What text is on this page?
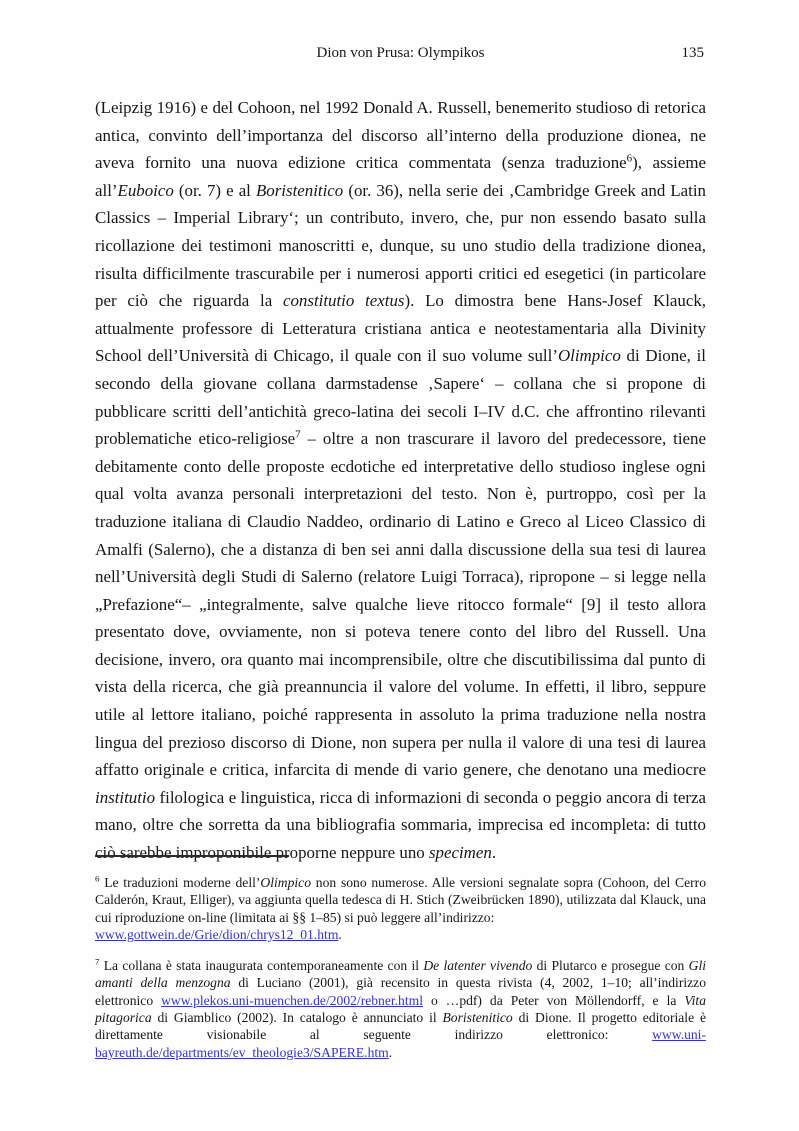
Dion von Prusa: Olympikos	135
(Leipzig 1916) e del Cohoon, nel 1992 Donald A. Russell, benemerito studioso di retorica antica, convinto dell’importanza del discorso all’interno della produzione dionea, ne aveva fornito una nuova edizione critica commentata (senza traduzione$^6$), assieme all’Euboico (or. 7) e al Boristenitico (or. 36), nella serie dei ‚Cambridge Greek and Latin Classics – Imperial Library‘; un contributo, invero, che, pur non essendo basato sulla ricollazione dei testimoni manoscritti e, dunque, su uno studio della tradizione dionea, risulta difficilmente trascurabile per i numerosi apporti critici ed esegetici (in particolare per ciò che riguarda la constitutio textus). Lo dimostra bene Hans-Josef Klauck, attualmente professore di Letteratura cristiana antica e neotestamentaria alla Divinity School dell’Università di Chicago, il quale con il suo volume sull’Olimpico di Dione, il secondo della giovane collana darmstadense ‚Sapere‘ – collana che si propone di pubblicare scritti dell’antichità greco-latina dei secoli I–IV d.C. che affrontino rilevanti problematiche etico-religiose$^7$ – oltre a non trascurare il lavoro del predecessore, tiene debitamente conto delle proposte ecdotiche ed interpretative dello studioso inglese ogni qual volta avanza personali interpretazioni del testo. Non è, purtroppo, così per la traduzione italiana di Claudio Naddeo, ordinario di Latino e Greco al Liceo Classico di Amalfi (Salerno), che a distanza di ben sei anni dalla discussione della sua tesi di laurea nell’Università degli Studi di Salerno (relatore Luigi Torraca), ripropone – si legge nella „Prefazione“– „integralmente, salve qualche lieve ritocco formale“ [9] il testo allora presentato dove, ovviamente, non si poteva tenere conto del libro del Russell. Una decisione, invero, ora quanto mai incomprensibile, oltre che discutibilissima dal punto di vista della ricerca, che già preannuncia il valore del volume. In effetti, il libro, seppure utile al lettore italiano, poiché rappresenta in assoluto la prima traduzione nella nostra lingua del prezioso discorso di Dione, non supera per nulla il valore di una tesi di laurea affatto originale e critica, infarcita di mende di vario genere, che denotano una mediocre institutio filologica e linguistica, ricca di informazioni di seconda o peggio ancora di terza mano, oltre che sorretta da una bibliografia sommaria, imprecisa ed incompleta: di tutto ciò sarebbe improponibile proporne neppure uno specimen.
$^6$ Le traduzioni moderne dell’Olimpico non sono numerose. Alle versioni segnalate sopra (Cohoon, del Cerro Calderón, Kraut, Elliger), va aggiunta quella tedesca di H. Stich (Zweibrücken 1890), utilizzata dal Klauck, una cui riproduzione on-line (limitata ai §§ 1–85) si può leggere all’indirizzo:
www.gottwein.de/Grie/dion/chrys12_01.htm.
$^7$ La collana è stata inaugurata contemporaneamente con il De latenter vivendo di Plutarco e prosegue con Gli amanti della menzogna di Luciano (2001), già recensito in questa rivista (4, 2002, 1–10; all’indirizzo elettronico www.plekos.uni-muenchen.de/2002/rebner.html o …pdf) da Peter von Möllendorff, e la Vita pitagorica di Giamblico (2002). In catalogo è annunciato il Boristenitico di Dione. Il progetto editoriale è direttamente visionabile al seguente indirizzo elettronico: www.uni-bayreuth.de/departments/ev_theologie3/SAPERE.htm.
